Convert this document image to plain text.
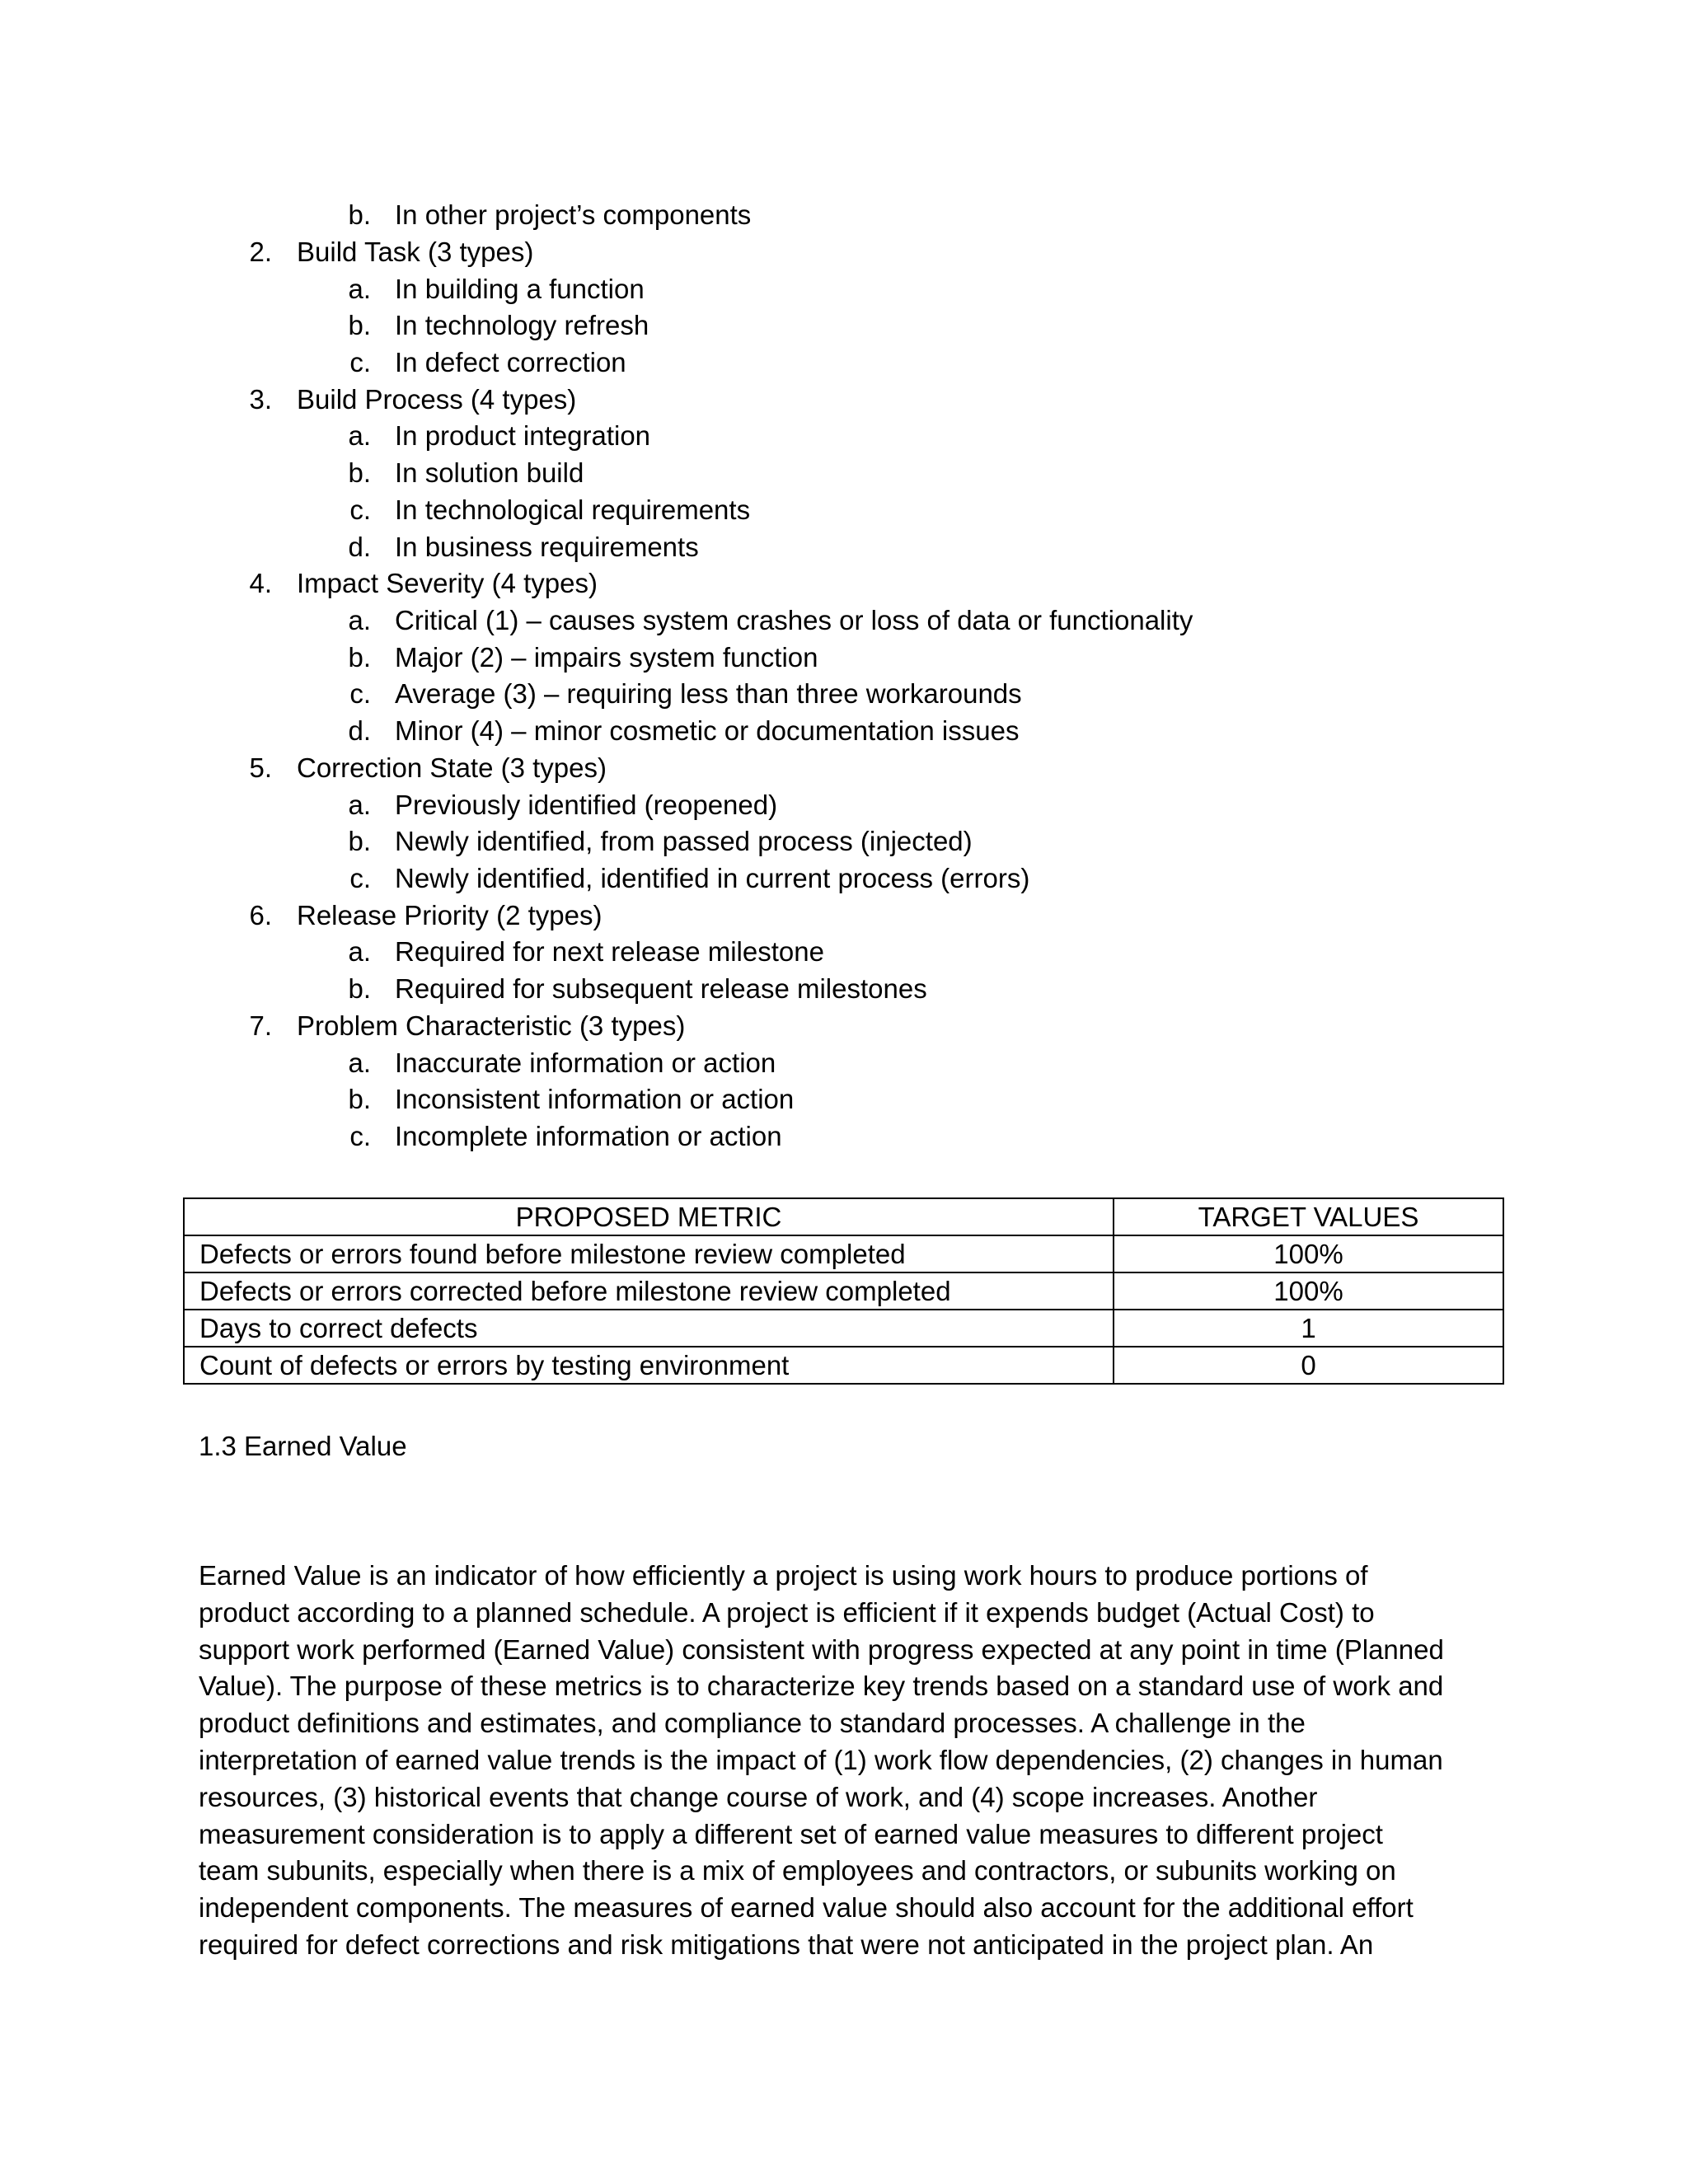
b. In other project’s components
2. Build Task (3 types)
a. In building a function
b. In technology refresh
c. In defect correction
3. Build Process (4 types)
a. In product integration
b. In solution build
c. In technological requirements
d. In business requirements
4. Impact Severity (4 types)
a. Critical (1) – causes system crashes or loss of data or functionality
b. Major (2) – impairs system function
c. Average (3) – requiring less than three workarounds
d. Minor (4) – minor cosmetic or documentation issues
5. Correction State (3 types)
a. Previously identified (reopened)
b. Newly identified, from passed process (injected)
c. Newly identified, identified in current process (errors)
6. Release Priority (2 types)
a. Required for next release milestone
b. Required for subsequent release milestones
7. Problem Characteristic (3 types)
a. Inaccurate information or action
b. Inconsistent information or action
c. Incomplete information or action
PROPOSED METRIC	TARGET VALUES
Defects or errors found before milestone review completed	100%
Defects or errors corrected before milestone review completed	100%
Days to correct defects	1
Count of defects or errors by testing environment	0
1.3 Earned Value
Earned Value is an indicator of how efficiently a project is using work hours to produce portions of
product according to a planned schedule. A project is efficient if it expends budget (Actual Cost) to
support work performed (Earned Value) consistent with progress expected at any point in time (Planned
Value). The purpose of these metrics is to characterize key trends based on a standard use of work and
product definitions and estimates, and compliance to standard processes. A challenge in the
interpretation of earned value trends is the impact of (1) work flow dependencies, (2) changes in human
resources, (3) historical events that change course of work, and (4) scope increases. Another
measurement consideration is to apply a different set of earned value measures to different project
team subunits, especially when there is a mix of employees and contractors, or subunits working on
independent components. The measures of earned value should also account for the additional effort
required for defect corrections and risk mitigations that were not anticipated in the project plan. An
